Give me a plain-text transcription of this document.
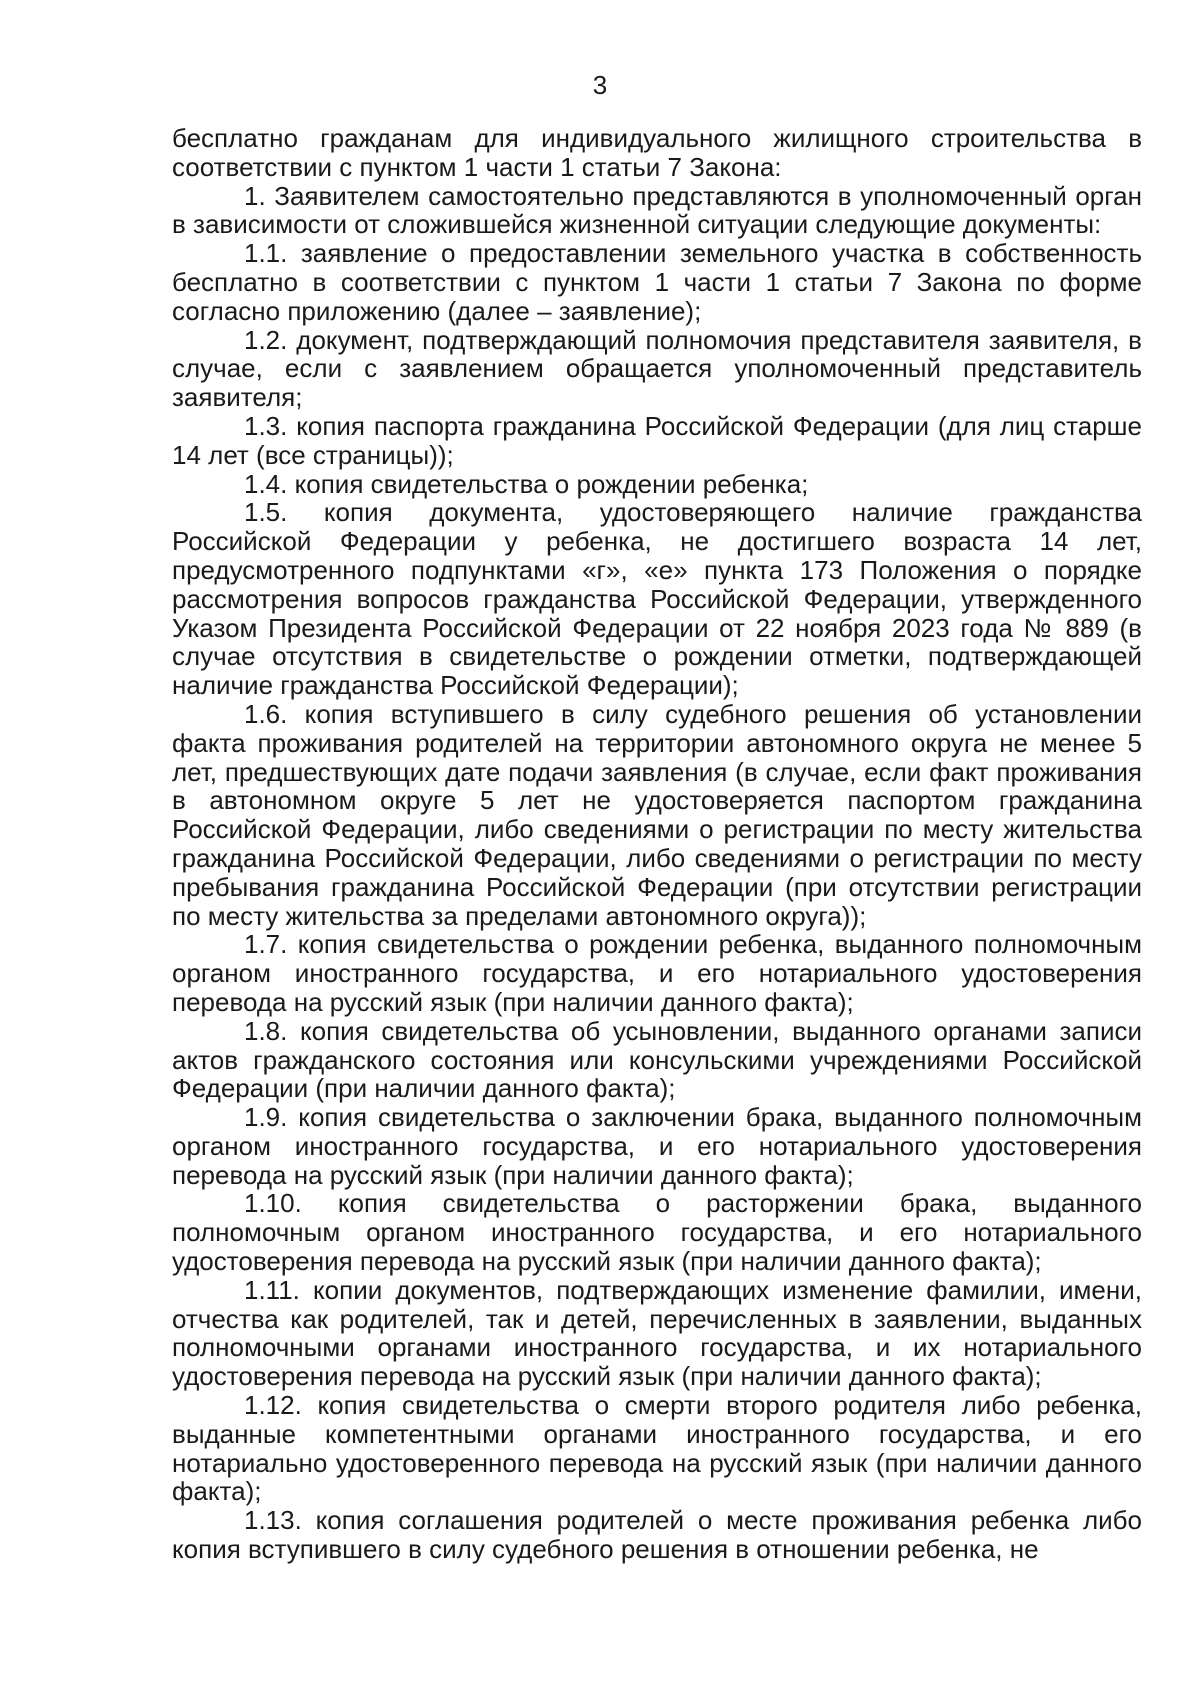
3

бесплатно гражданам для индивидуального жилищного строительства в соответствии с пунктом 1 части 1 статьи 7 Закона:

1. Заявителем самостоятельно представляются в уполномоченный орган в зависимости от сложившейся жизненной ситуации следующие документы:

1.1. заявление о предоставлении земельного участка в собственность бесплатно в соответствии с пунктом 1 части 1 статьи 7 Закона по форме согласно приложению (далее – заявление);

1.2. документ, подтверждающий полномочия представителя заявителя, в случае, если с заявлением обращается уполномоченный представитель заявителя;

1.3. копия паспорта гражданина Российской Федерации (для лиц старше 14 лет (все страницы));

1.4. копия свидетельства о рождении ребенка;

1.5. копия документа, удостоверяющего наличие гражданства Российской Федерации у ребенка, не достигшего возраста 14 лет, предусмотренного подпунктами «г», «е» пункта 173 Положения о порядке рассмотрения вопросов гражданства Российской Федерации, утвержденного Указом Президента Российской Федерации от 22 ноября 2023 года № 889 (в случае отсутствия в свидетельстве о рождении отметки, подтверждающей наличие гражданства Российской Федерации);

1.6. копия вступившего в силу судебного решения об установлении факта проживания родителей на территории автономного округа не менее 5 лет, предшествующих дате подачи заявления (в случае, если факт проживания в автономном округе 5 лет не удостоверяется паспортом гражданина Российской Федерации, либо сведениями о регистрации по месту жительства гражданина Российской Федерации, либо сведениями о регистрации по месту пребывания гражданина Российской Федерации (при отсутствии регистрации по месту жительства за пределами автономного округа));

1.7. копия свидетельства о рождении ребенка, выданного полномочным органом иностранного государства, и его нотариального удостоверения перевода на русский язык (при наличии данного факта);

1.8. копия свидетельства об усыновлении, выданного органами записи актов гражданского состояния или консульскими учреждениями Российской Федерации (при наличии данного факта);

1.9. копия свидетельства о заключении брака, выданного полномочным органом иностранного государства, и его нотариального удостоверения перевода на русский язык (при наличии данного факта);

1.10. копия свидетельства о расторжении брака, выданного полномочным органом иностранного государства, и его нотариального удостоверения перевода на русский язык (при наличии данного факта);

1.11. копии документов, подтверждающих изменение фамилии, имени, отчества как родителей, так и детей, перечисленных в заявлении, выданных полномочными органами иностранного государства, и их нотариального удостоверения перевода на русский язык (при наличии данного факта);

1.12. копия свидетельства о смерти второго родителя либо ребенка, выданные компетентными органами иностранного государства, и его нотариально удостоверенного перевода на русский язык (при наличии данного факта);

1.13. копия соглашения родителей о месте проживания ребенка либо копия вступившего в силу судебного решения в отношении ребенка, не
